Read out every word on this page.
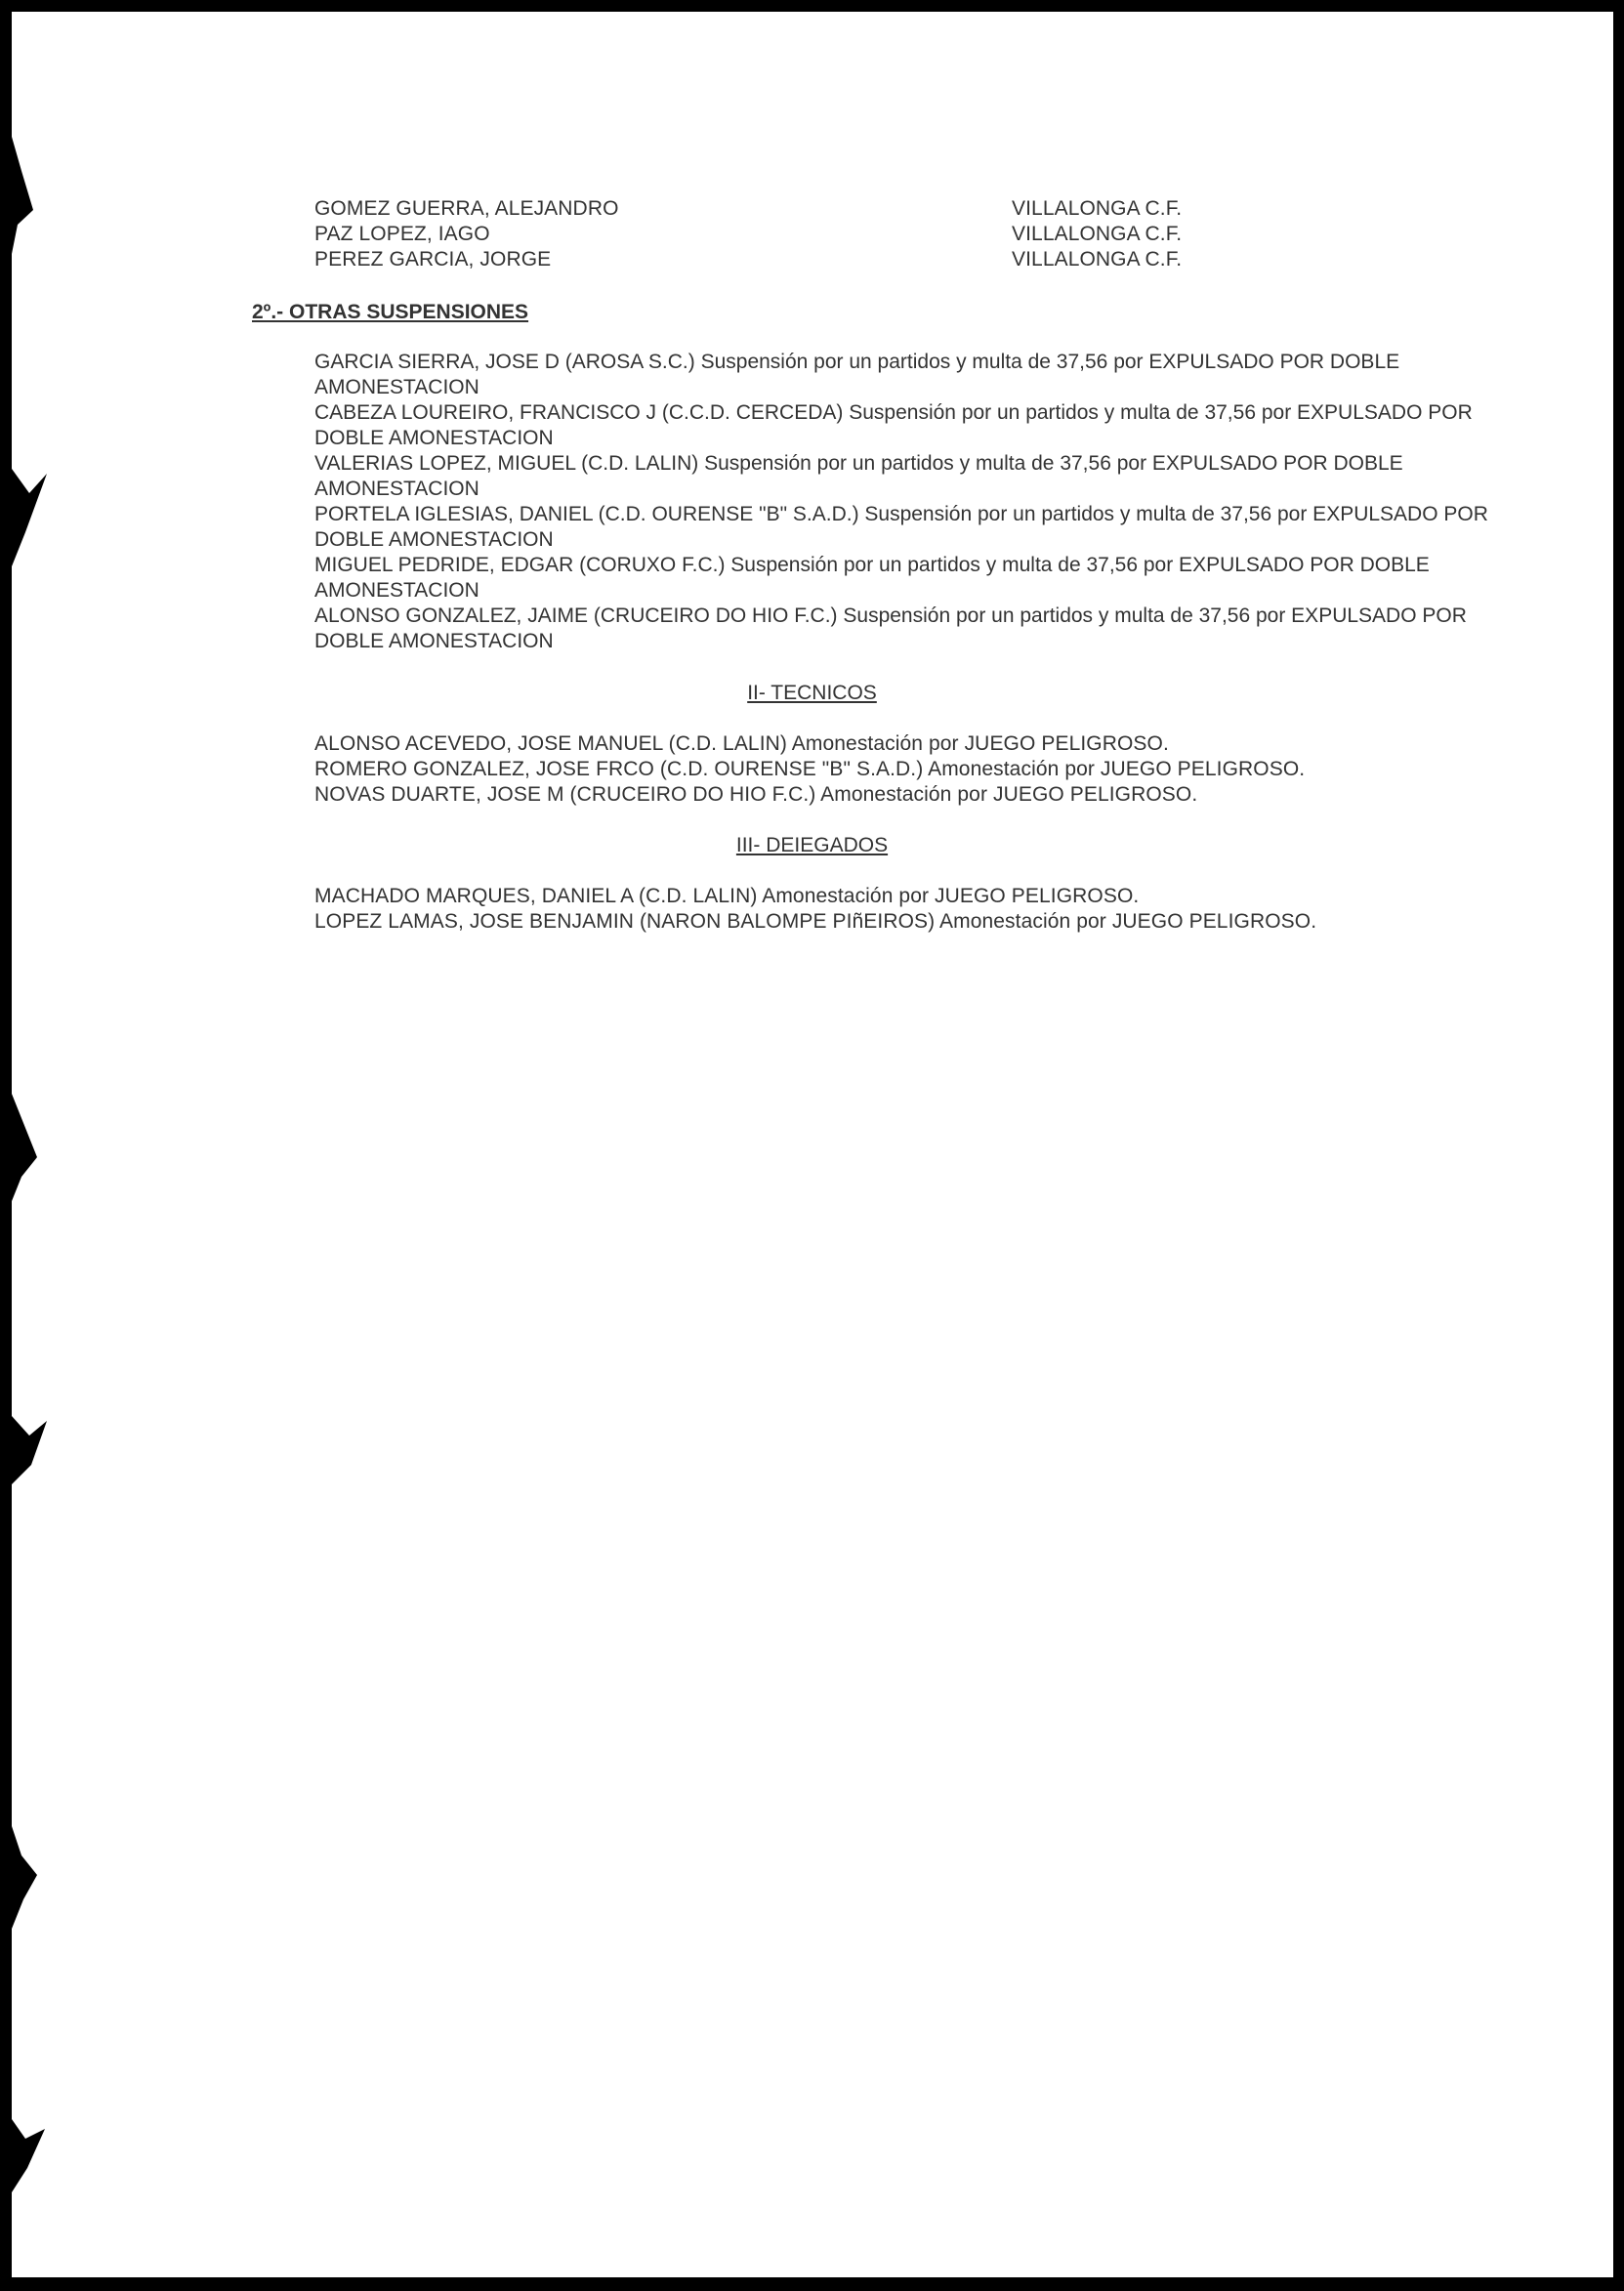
GOMEZ GUERRA, ALEJANDRO	VILLALONGA C.F.
PAZ LOPEZ, IAGO	VILLALONGA C.F.
PEREZ GARCIA, JORGE	VILLALONGA C.F.
2º.- OTRAS SUSPENSIONES
GARCIA SIERRA, JOSE D (AROSA S.C.) Suspensión por un partidos y multa de 37,56 por EXPULSADO POR DOBLE AMONESTACION
CABEZA LOUREIRO, FRANCISCO J (C.C.D. CERCEDA) Suspensión por un partidos y multa de 37,56 por EXPULSADO POR DOBLE AMONESTACION
VALERIAS LOPEZ, MIGUEL (C.D. LALIN) Suspensión por un partidos y multa de 37,56 por EXPULSADO POR DOBLE AMONESTACION
PORTELA IGLESIAS, DANIEL (C.D. OURENSE "B" S.A.D.) Suspensión por un partidos y multa de 37,56 por EXPULSADO POR DOBLE AMONESTACION
MIGUEL PEDRIDE, EDGAR (CORUXO F.C.) Suspensión por un partidos y multa de 37,56 por EXPULSADO POR DOBLE AMONESTACION
ALONSO GONZALEZ, JAIME (CRUCEIRO DO HIO F.C.) Suspensión por un partidos y multa de 37,56 por EXPULSADO POR DOBLE AMONESTACION
II- TECNICOS
ALONSO ACEVEDO, JOSE MANUEL (C.D. LALIN) Amonestación por JUEGO PELIGROSO.
ROMERO GONZALEZ, JOSE FRCO (C.D. OURENSE "B" S.A.D.) Amonestación por JUEGO PELIGROSO.
NOVAS DUARTE, JOSE M (CRUCEIRO DO HIO F.C.) Amonestación por JUEGO PELIGROSO.
III- DEIEGADOS
MACHADO MARQUES, DANIEL A (C.D. LALIN) Amonestación por JUEGO PELIGROSO.
LOPEZ LAMAS, JOSE BENJAMIN (NARON BALOMPE PIñEIROS) Amonestación por JUEGO PELIGROSO.
